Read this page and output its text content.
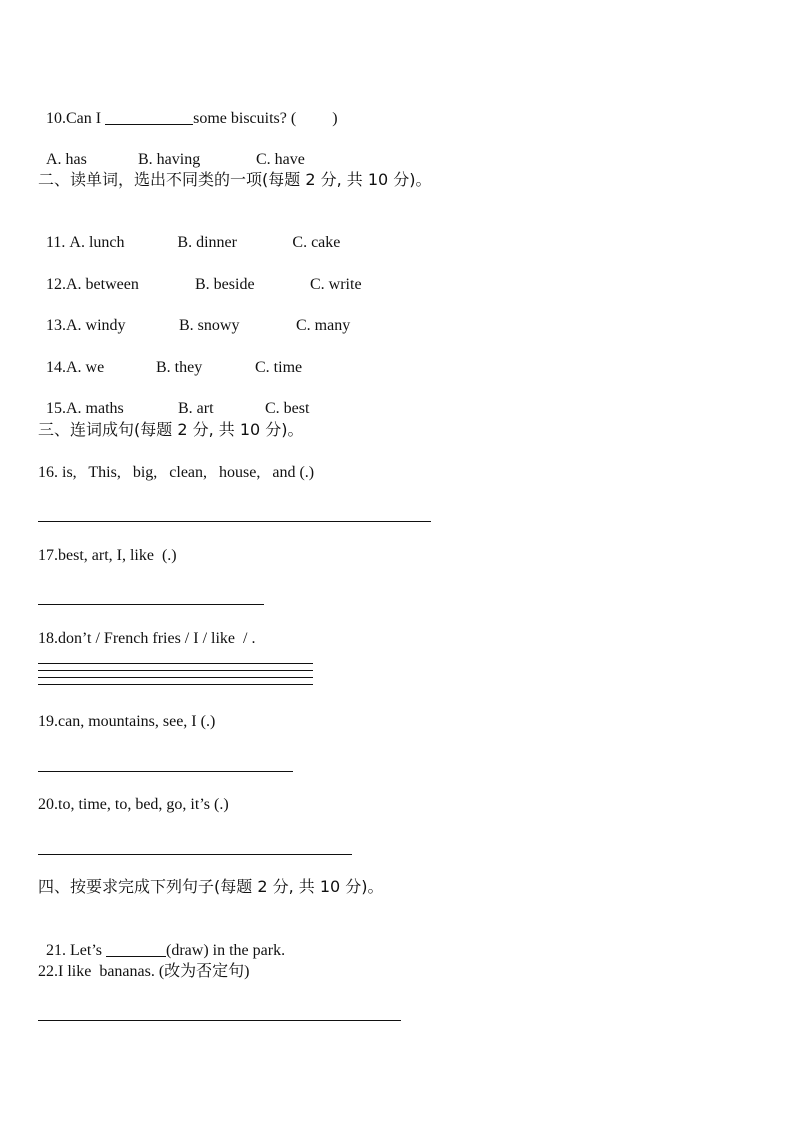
10.Can I	some biscuits? ( )

A. has	B. having	C. have

二、读单词，选出不同类的一项(每题 2 分, 共 10 分)。

11. A. lunch	B. dinner	C. cake

12.A. between	B. beside	C. write

13.A. windy	B. snowy	C. many

14.A. we	B. they	C. time

15.A. maths	B. art	C. best

三、连词成句(每题 2 分, 共 10 分)。
16. is,   This,   big,   clean,   house,   and (.)
17.best, art, I, like  (.)
18.don’t / French fries / I / like  / .
19.can, mountains, see, I (.)
20.to, time, to, bed, go, it’s (.)
四、按要求完成下列句子(每题 2 分, 共 10 分)。

21. Let’s	(draw) in the park.

22.I like  bananas. (改为否定句)
